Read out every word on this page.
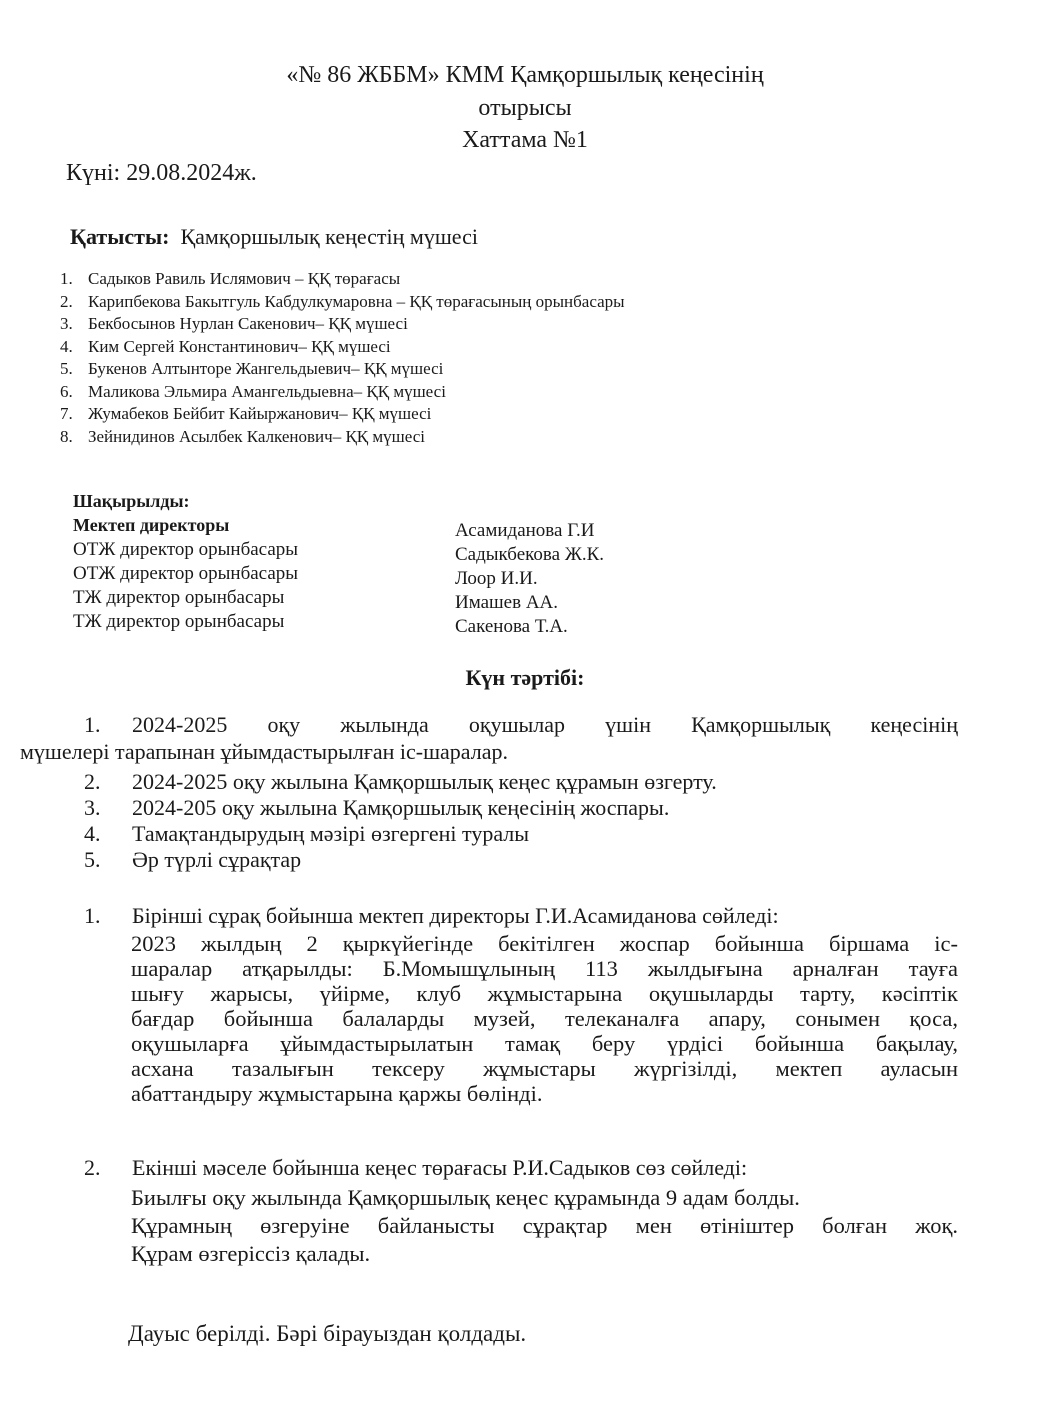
«№ 86 ЖББМ» КММ Қамқоршылық кеңесінің
отырысы
Хаттама №1
Күні: 29.08.2024ж.
Қатысты: Қамқоршылық кеңестің мүшесі
1. Садыков Равиль Ислямович – ҚҚ төрағасы
2. Карипбекова Бакытгуль Кабдулкумаровна – ҚҚ төрағасының орынбасары
3. Бекбосынов Нурлан Сакенович– ҚҚ мүшесі
4. Ким Сергей Константинович– ҚҚ мүшесі
5. Букенов Алтынторе Жангельдыевич– ҚҚ мүшесі
6. Маликова Эльмира Амангельдыевна– ҚҚ мүшесі
7. Жумабеков Бейбит Кайыржанович– ҚҚ мүшесі
8. Зейнидинов Асылбек Калкенович– ҚҚ мүшесі
Шақырылды:
Мектеп директоры
ОТЖ директор орынбасары
ОТЖ директор орынбасары
ТЖ директор орынбасары
ТЖ директор орынбасары
Асамиданова Г.И
Садыкбекова Ж.К.
Лоор И.И.
Имашев АА.
Сакенова Т.А.
Күн тәртібі:
1. 2024-2025 оқу жылында оқушылар үшін Қамқоршылық кеңесінің
мүшелері тарапынан ұйымдастырылған іс-шаралар.
2. 2024-2025 оқу жылына Қамқоршылық кеңес құрамын өзгерту.
3. 2024-205 оқу жылына Қамқоршылық кеңесінің жоспары.
4. Тамақтандырудың мәзірі өзгергені туралы
5. Әр түрлі сұрақтар
1. Бірінші сұрақ бойынша мектеп директоры Г.И.Асамиданова сөйледі:
2023 жылдың 2 қыркүйегінде бекітілген жоспар бойынша біршама іс-
шаралар атқарылды: Б.Момышұлының 113 жылдығына арналған тауға
шығу жарысы, үйірме, клуб жұмыстарына оқушыларды тарту, кәсіптік
бағдар бойынша балаларды музей, телеканалға апару, сонымен қоса,
оқушыларға ұйымдастырылатын тамақ беру үрдісі бойынша бақылау,
асхана тазалығын тексеру жұмыстары жүргізілді, мектеп ауласын
абаттандыру жұмыстарына қаржы бөлінді.
2. Екінші мәселе бойынша кеңес төрағасы Р.И.Садыков сөз сөйледі:
Биылғы оқу жылында Қамқоршылық кеңес құрамында 9 адам болды.
Құрамның өзгеруіне байланысты сұрақтар мен өтініштер болған жоқ.
Құрам өзгеріссіз қалады.
Дауыс берілді. Бәрі бірауыздан қолдады.
